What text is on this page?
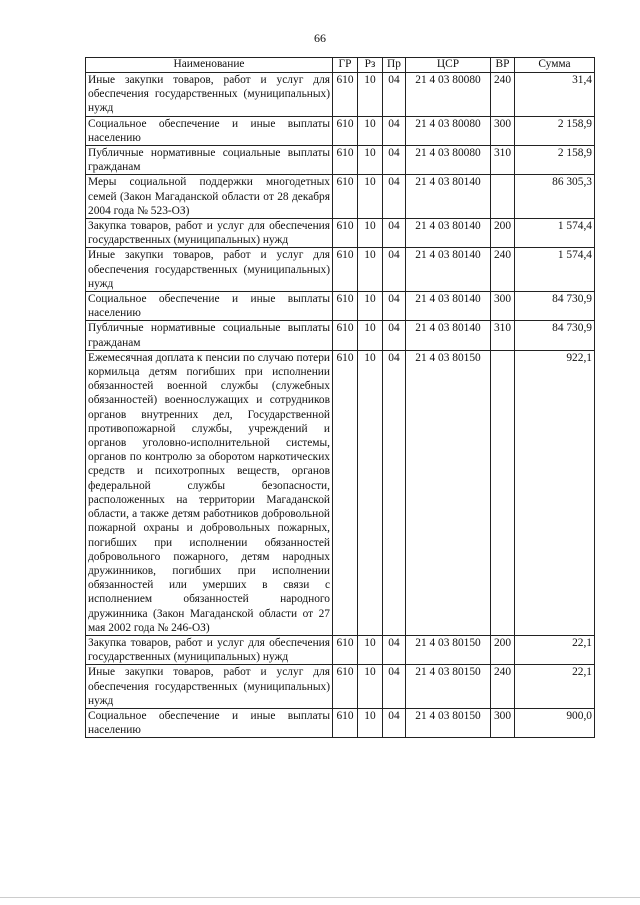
66
Наименование	ГР	Рз	Пр	ЦСР	ВР	Сумма
Иные закупки товаров, работ и услуг для обеспечения государственных (муниципальных) нужд	610	10	04	21 4 03 80080	240	31,4
Социальное обеспечение и иные выплаты населению	610	10	04	21 4 03 80080	300	2 158,9
Публичные нормативные социальные выплаты гражданам	610	10	04	21 4 03 80080	310	2 158,9
Меры социальной поддержки многодетных семей (Закон Магаданской области от 28 декабря 2004 года № 523-ОЗ)	610	10	04	21 4 03 80140		86 305,3
Закупка товаров, работ и услуг для обеспечения государственных (муниципальных) нужд	610	10	04	21 4 03 80140	200	1 574,4
Иные закупки товаров, работ и услуг для обеспечения государственных (муниципальных) нужд	610	10	04	21 4 03 80140	240	1 574,4
Социальное обеспечение и иные выплаты населению	610	10	04	21 4 03 80140	300	84 730,9
Публичные нормативные социальные выплаты гражданам	610	10	04	21 4 03 80140	310	84 730,9
Ежемесячная доплата к пенсии по случаю потери кормильца детям погибших при исполнении обязанностей военной службы (служебных обязанностей) военнослужащих и сотрудников органов внутренних дел, Государственной противопожарной службы, учреждений и органов уголовно-исполнительной системы, органов по контролю за оборотом наркотических средств и психотропных веществ, органов федеральной службы безопасности, расположенных на территории Магаданской области, а также детям работников добровольной пожарной охраны и добровольных пожарных, погибших при исполнении обязанностей добровольного пожарного, детям народных дружинников, погибших при исполнении обязанностей или умерших в связи с исполнением обязанностей народного дружинника (Закон Магаданской области от 27 мая 2002 года № 246-ОЗ)	610	10	04	21 4 03 80150		922,1
Закупка товаров, работ и услуг для обеспечения государственных (муниципальных) нужд	610	10	04	21 4 03 80150	200	22,1
Иные закупки товаров, работ и услуг для обеспечения государственных (муниципальных) нужд	610	10	04	21 4 03 80150	240	22,1
Социальное обеспечение и иные выплаты населению	610	10	04	21 4 03 80150	300	900,0
